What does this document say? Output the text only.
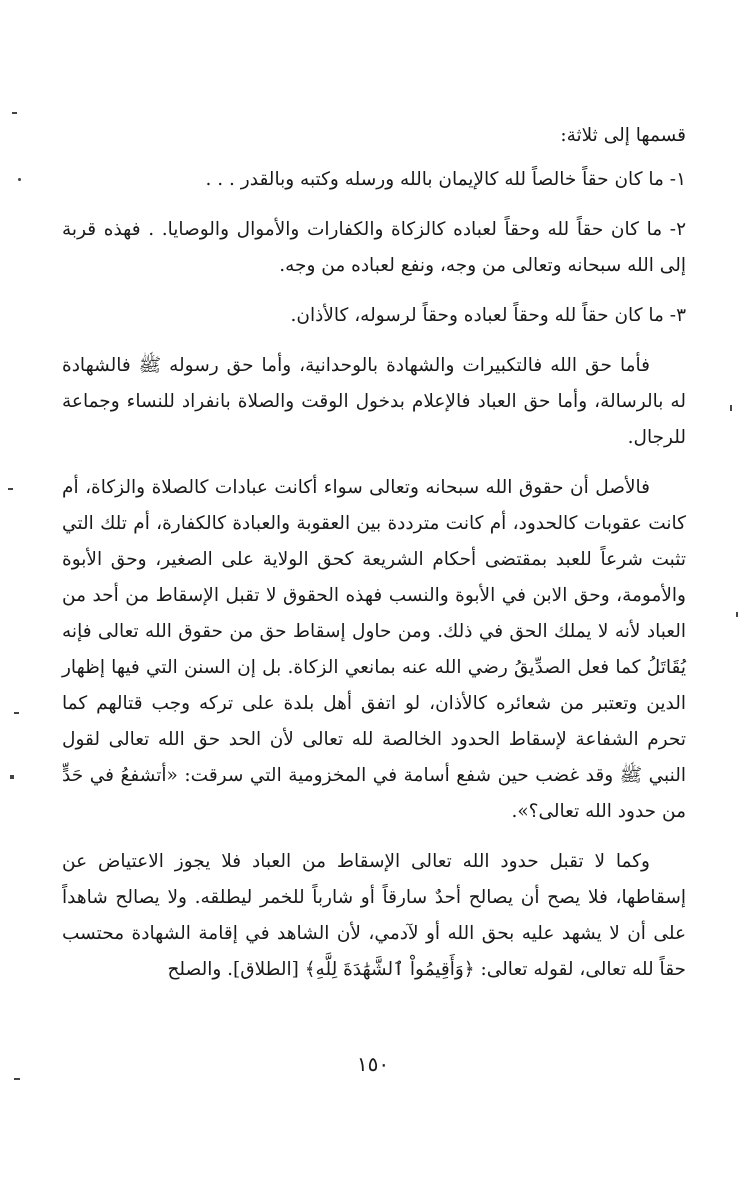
قسمها إلى ثلاثة:

١- ما كان حقاً خالصاً لله كالإيمان بالله ورسله وكتبه وبالقدر . . .

٢- ما كان حقاً لله وحقاً لعباده كالزكاة والكفارات والأموال والوصايا. . فهذه قربة إلى الله سبحانه وتعالى من وجه، ونفع لعباده من وجه.

٣- ما كان حقاً لله وحقاً لعباده وحقاً لرسوله، كالأذان.

فأما حق الله فالتكبيرات والشهادة بالوحدانية، وأما حق رسوله ﷺ فالشهادة له بالرسالة، وأما حق العباد فالإعلام بدخول الوقت والصلاة بانفراد للنساء وجماعة للرجال.

فالأصل أن حقوق الله سبحانه وتعالى سواء أكانت عبادات كالصلاة والزكاة، أم كانت عقوبات كالحدود، أم كانت مترددة بين العقوبة والعبادة كالكفارة، أم تلك التي تثبت شرعاً للعبد بمقتضى أحكام الشريعة كحق الولاية على الصغير، وحق الأبوة والأمومة، وحق الابن في الأبوة والنسب فهذه الحقوق لا تقبل الإسقاط من أحد من العباد لأنه لا يملك الحق في ذلك. ومن حاول إسقاط حق من حقوق الله تعالى فإنه يُقَاتَلُ كما فعل الصدِّيقُ رضي الله عنه بمانعي الزكاة. بل إن السنن التي فيها إظهار الدين وتعتبر من شعائره كالأذان، لو اتفق أهل بلدة على تركه وجب قتالهم كما تحرم الشفاعة لإسقاط الحدود الخالصة لله تعالى لأن الحد حق الله تعالى لقول النبي ﷺ وقد غضب حين شفع أسامة في المخزومية التي سرقت: «أتشفعُ في حَدٍّ من حدود الله تعالى؟».

وكما لا تقبل حدود الله تعالى الإسقاط من العباد فلا يجوز الاعتياض عن إسقاطها، فلا يصح أن يصالح أحدٌ سارقاً أو شارباً للخمر ليطلقه. ولا يصالح شاهداً على أن لا يشهد عليه بحق الله أو لآدمي، لأن الشاهد في إقامة الشهادة محتسب حقاً لله تعالى، لقوله تعالى: ﴿وَأَقِيمُواْ ٱلشَّهَٰدَةَ لِلَّهِ﴾ [الطلاق]. والصلح

١٥٠
